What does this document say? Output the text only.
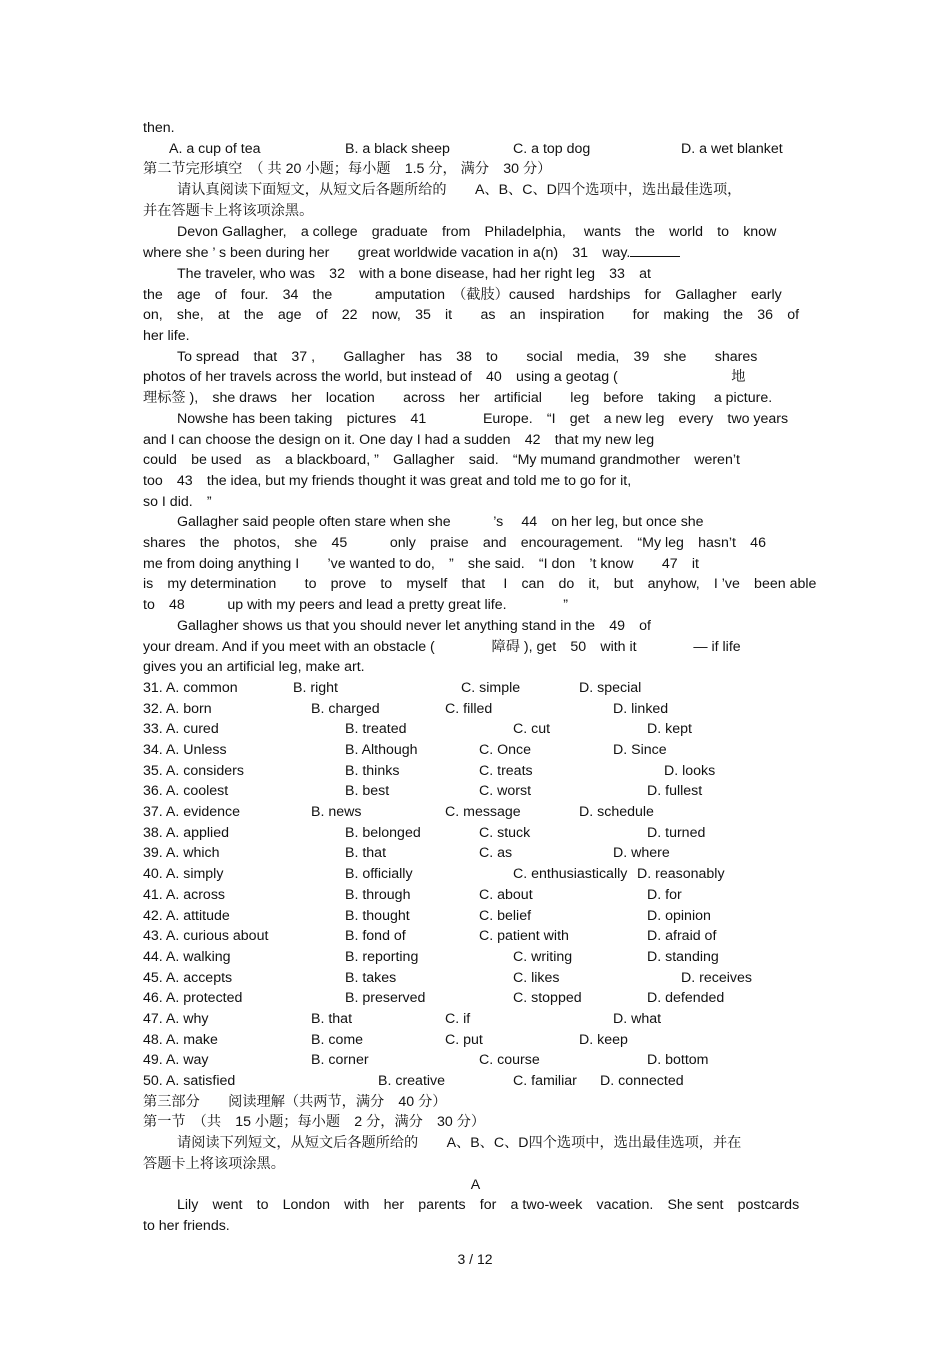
then.
A. a cup of tea	B. a black sheep	C. a top dog	D. a wet blanket
第二节完形填空　（ 共 20 小题；每小题　1.5 分， 满分　30 分）
请认真阅读下面短文，从短文后各题所给的　　A、B、C、D四个选项中，选出最佳选项，
并在答题卡上将该项涂黑。
Devon Gallagher,　a college　graduate　from　Philadelphia,　 wants　the　world　to　know
where she ’ s been during her　　great worldwide vacation in a(n)　31　way.
The traveler, who was　32　with a bone disease, had her right leg　33　at
the　age　of　four.　34　the　　　amputation　（截肢）caused　hardships　for　Gallagher　early
on,　she,　at　the　age　of　22　now,　35　it　　as　an　inspiration　　for　making　the　36　of
her life.
To spread　that　37 ,　　Gallagher　has　38　to　　social　media,　39　she　　shares
photos of her travels across the world, but instead of　40　using a geotag (　　　　　　　　地
理标签 ),　she draws　her　location　　across　her　artificial　　leg　before　taking　 a picture.
Nowshe has been taking　pictures　41　　　　Europe.　“I　get　a new leg　every　two years
and I can choose the design on it. One day I had a sudden　42　that my new leg
could　be used　as　a blackboard, ”　Gallagher　said.　“My mumand grandmother　weren’t
too　43　the idea, but my friends thought it was great and told me to go for it,
so I did.　”
Gallagher said people often stare when she　　　’s　 44　on her leg, but once she
shares　the　photos,　she　45　　　only　praise　and　encouragement.　“My leg　hasn’t　46
me from doing anything I　　’ve wanted to do,　”　she said.　“I don　’t know　　47　it
is　my determination　　to　prove　to　myself　that　 I　can　do　it,　but　anyhow,　I ’ve　been able
to　48　　　up with my peers and lead a pretty great life.　　　　”
Gallagher shows us that you should never let anything stand in the　49　of
your dream. And if you meet with an obstacle (　　　　障碍 ), get　50　with it　　　　— if life
gives you an artificial leg, make art.
31. A. common	B. right	C. simple	D. special
32. A. born	B. charged	C. filled	D. linked
33. A. cured	B. treated	C. cut	D. kept
34. A. Unless	B. Although	C. Once	D. Since
35. A. considers	B. thinks	C. treats	D. looks
36. A. coolest	B. best	C. worst	D. fullest
37. A. evidence	B. news	C. message	D. schedule
38. A. applied	B. belonged	C. stuck	D. turned
39. A. which	B. that	C. as	D. where
40. A. simply	B. officially	C. enthusiastically D. reasonably
41. A. across	B. through	C. about	D. for
42. A. attitude	B. thought	C. belief	D. opinion
43. A. curious about	B. fond of	C. patient with	D. afraid of
44. A. walking	B. reporting	C. writing	D. standing
45. A. accepts	B. takes	C. likes	D. receives
46. A. protected	B. preserved	C. stopped	D. defended
47. A. why	B. that	C. if	D. what
48. A. make	B. come	C. put	D. keep
49. A. way	B. corner	C. course	D. bottom
50. A. satisfied	B. creative	C. familiar D. connected
第三部分　　阅读理解（共两节，满分　40 分）
第一节　（共　15 小题；每小题　2 分，满分　30 分）
请阅读下列短文，从短文后各题所给的　　A、B、C、D四个选项中，选出最佳选项，并在
答题卡上将该项涂黑。
A
Lily　went　to　London　with　her　parents　for　a two-week　vacation.　She sent　postcards
to her friends.
3 / 12
